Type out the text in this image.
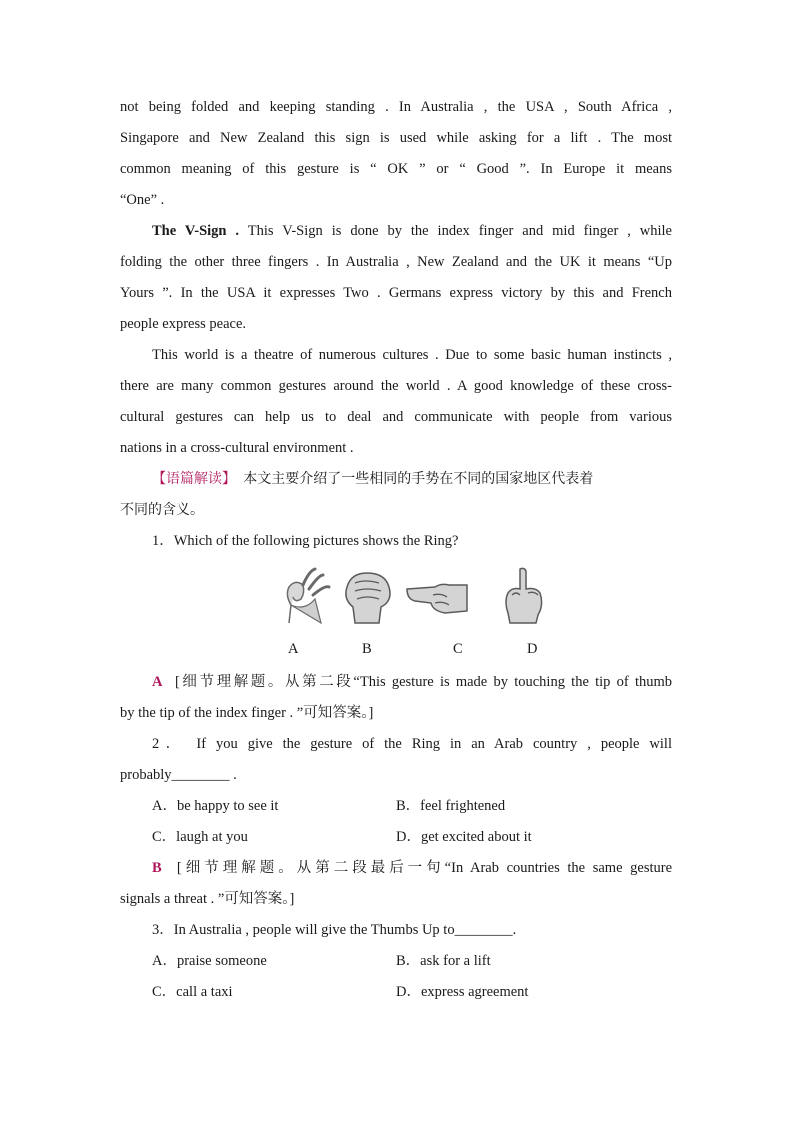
not being folded and keeping standing . In Australia , the USA , South Africa ,

Singapore and New Zealand this sign is used while asking for a lift . The most

common meaning of this gesture is “ OK ” or “ Good ”. In Europe it means

“One” .

The V-Sign . This V-Sign is done by the index finger and mid finger , while

folding the other three fingers . In Australia , New Zealand and the UK it means “Up

Yours ”. In the USA it expresses Two . Germans express victory by this and French

people express peace.

This world is a theatre of numerous cultures . Due to some basic human instincts ,

there are many common gestures around the world . A good knowledge of these cross-

cultural gestures can help us to deal and communicate with people from various

nations in a cross-cultural environment .

【语篇解读】 本文主要介绍了一些相同的手势在不同的国家地区代表着

不同的含义。

1．Which of the following pictures shows the Ring?

A	B	C	D

A [细节理解题。从第二段“This gesture is made by touching the tip of thumb

by the tip of the index finger . ”可知答案。]

2． If you give the gesture of the Ring in an Arab country , people will

probably________ .

A．be happy to see it	B．feel frightened
C．laugh at you	D．get excited about it

B [细节理解题。从第二段最后一句“In Arab countries the same gesture

signals a threat . ”可知答案。]

3．In Australia , people will give the Thumbs Up to________.

A．praise someone	B．ask for a lift
C．call a taxi	D．express agreement
